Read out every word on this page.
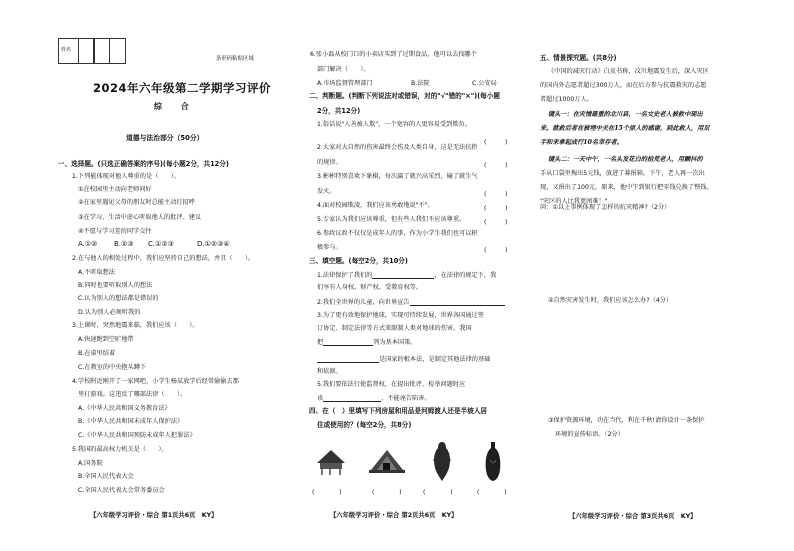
姓名
条形码粘贴区域
2024年六年级第二学期学习评价
综 合
道德与法治部分（50分）
一、选择题。(只选正确答案的序号)(每小题2分，共12分)
1.下列能体现对他人尊重的是（　　）。
①在校园里主动向老师问好
②在家里遇见父母的朋友时总能主动打招呼
③在学习、生活中虚心听取他人的批评、建议
④不愿与学习差的同学交往
A.①② B.②③ C.①②③	D.①②③④
2.在与他人的相处过程中，我们应坚持自己的想法，并且（　　）。
A.不听取想法
B.同时也要听取别人的想法
C.认为别人的想法都是错误的
D.认为别人必须听我的
3.上课时，突然地震来临，我们应该（　　）。
A.快速跑到空旷地带
B.在桌里结着
C.在教室的中央抱头蹲下
4.学校附近刚开了一家网吧，小学生杨某放学后经常偷偷去那
里打游戏。这违反了哪部法律（　　）。
A.《中华人民共和国义务教育法》
B.《中华人民共和国未成年人保护法》
C.《中华人民共和国预防未成年人犯罪法》
5.我国的最高权力机关是（　　）。
A.国务院
B.全国人民代表大会
C.全国人民代表大会常务委员会
【六年级学习评价・综合 第1页共6页　KY】
6.张小磊从校门口的小卖店买到了过期食品，他可以去找哪个
部门解决（　　）。
A.市场监督管理部门	B.法院	C.公安局
二、判断题。(判断下列说法对或错误，对的"√"错的"×")(每小题
2分，共12分)
1.俗话说"人善被人欺"，一个宽容的人更容易受到欺负。
(　　　)
2.大家对大自然的伤害最终会伤及人类自身，这是无法抗拒
的规律。	(　　　)
3.彬彬特别喜欢下象棋，每次赢了就兴高采烈，输了就生气
发火。	(　　　)
4.面对校园欺凌，我们应该勇敢地说"不"。	(　　　)
5.专家认为我们应该尊重，但有些人我们不应该尊重。	(　　　)
6.参政议政不仅仅是成年人的事，作为小学生我们也可以积
极参与。	(　　　)
三、填空题。(每空2分，共10分)
1.法律保护了我们的	，在法律的规定下，我
们享有人身权、财产权、受教育权等。
2.我们全世界的儿童，向世界宣告
3.为了更有效地保护地球，实现可持续发展，世界各国通过签
订协定、制定法律等方式来限制人类对地球的伤害。我国
把	列为基本国策。
是国家的根本法，是制定其他法律的基础
和依据。
5.我们要依法行使监督权，在提出批评、检举问题时应
该	，不能诬告陷害。
四、在（　）里填写下列房屋和用品是河姆渡人还是半坡人居
住或使用的？(每空2分，共8分)
(　　　　)	(　　　　)	(　　　　)	(　　　　)
【六年级学习评价・综合 第2页共6页　KY】
五、情景探究题。(共8分)
《中国的减灾行动》白皮书称，汶川地震发生后，深入灾区
的国内外志愿者超过300万人，而在后方参与抗震救灾的志愿
者超过1000万人。
镜头一：在灾情最重的北川县，一名文史老人被救中现出
来。就救后者在被埋中关在15个原人的感谢，到此救人，用双
手和来拿起成行10名幸存者。
镜头二：一天中午，一名头发花白的拾荒老人，用颤抖的
手从口袋里掏出5元钱，放进了募捐箱。下午，老人再一次出
现，又捐出了100元。原来，他中午到银行把零钱兑换了整钱。
"灾区的人比我更困难！"
问：①以上事例体现了怎样的抗灾精神?（2分）
②自然灾害发生时，我们应该怎么办?（4分）
③保护资源环境，功在当代，利在千秋!请你设计一条保护
环境的宣传标语。（2分）
【六年级学习评价・综合 第3页共6页　KY】
